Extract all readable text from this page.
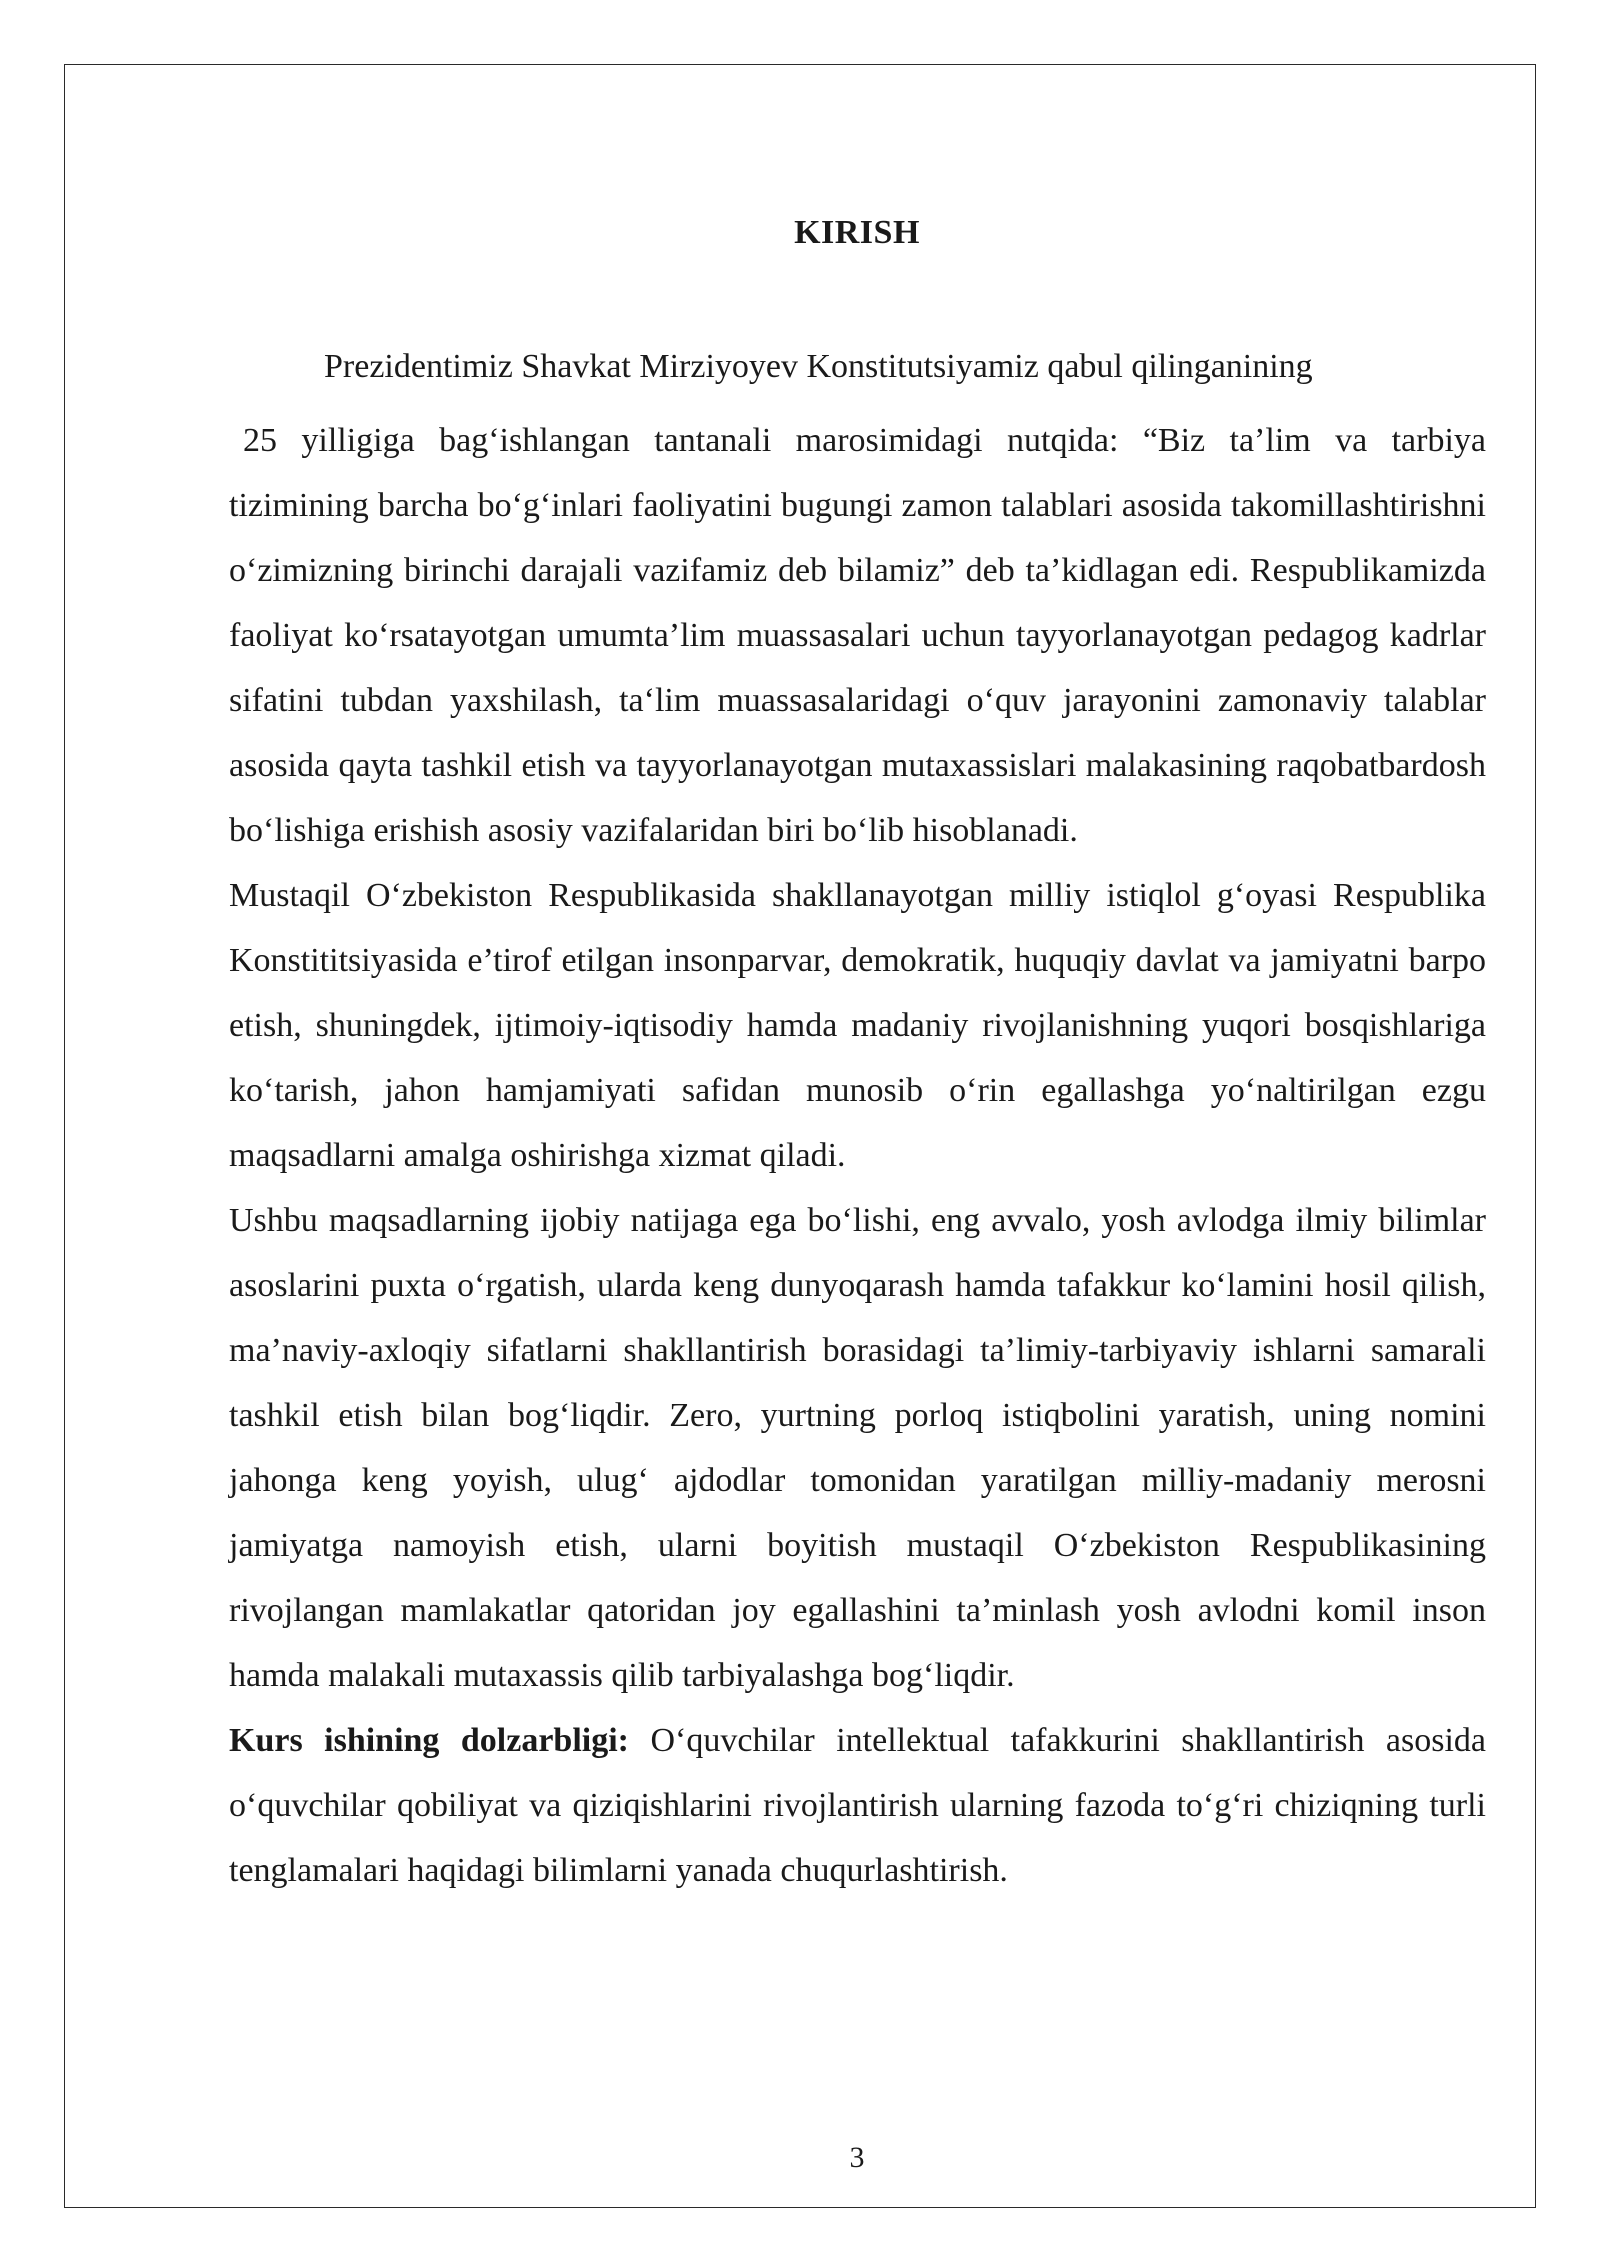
KIRISH

Prezidentimiz Shavkat Mirziyoyev Konstitutsiyamiz qabul qilinganining

25 yilligiga bag‘ishlangan tantanali marosimidagi nutqida: “Biz ta’lim va tarbiya tizimining barcha bo‘g‘inlari faoliyatini bugungi zamon talablari asosida takomillashtirishni o‘zimizning birinchi darajali vazifamiz deb bilamiz” deb ta’kidlagan edi. Respublikamizda faoliyat ko‘rsatayotgan umumta’lim muassasalari uchun tayyorlanayotgan pedagog kadrlar sifatini tubdan yaxshilash, ta‘lim muassasalaridagi o‘quv jarayonini zamonaviy talablar asosida qayta tashkil etish va tayyorlanayotgan mutaxassislari malakasining raqobatbardosh bo‘lishiga erishish asosiy vazifalaridan biri bo‘lib hisoblanadi.

Mustaqil O‘zbekiston Respublikasida shakllanayotgan milliy istiqlol g‘oyasi Respublika Konstititsiyasida e’tirof etilgan insonparvar, demokratik, huquqiy davlat va jamiyatni barpo etish, shuningdek, ijtimoiy-iqtisodiy hamda madaniy rivojlanishning yuqori bosqishlariga ko‘tarish, jahon hamjamiyati safidan munosib o‘rin egallashga yo‘naltirilgan ezgu maqsadlarni amalga oshirishga xizmat qiladi.

Ushbu maqsadlarning ijobiy natijaga ega bo‘lishi, eng avvalo, yosh avlodga ilmiy bilimlar asoslarini puxta o‘rgatish, ularda keng dunyoqarash hamda tafakkur ko‘lamini hosil qilish, ma’naviy-axloqiy sifatlarni shakllantirish borasidagi ta’limiy-tarbiyaviy ishlarni samarali tashkil etish bilan bog‘liqdir. Zero, yurtning porloq istiqbolini yaratish, uning nomini jahonga keng yoyish, ulug‘ ajdodlar tomonidan yaratilgan milliy-madaniy merosni jamiyatga namoyish etish, ularni boyitish mustaqil O‘zbekiston Respublikasining rivojlangan mamlakatlar qatoridan joy egallashini ta’minlash yosh avlodni komil inson hamda malakali mutaxassis qilib tarbiyalashga bog‘liqdir.

Kurs ishining dolzarbligi: O‘quvchilar intellektual tafakkurini shakllantirish asosida o‘quvchilar qobiliyat va qiziqishlarini rivojlantirish ularning fazoda to‘g‘ri chiziqning turli tenglamalari haqidagi bilimlarni yanada chuqurlashtirish.

3
